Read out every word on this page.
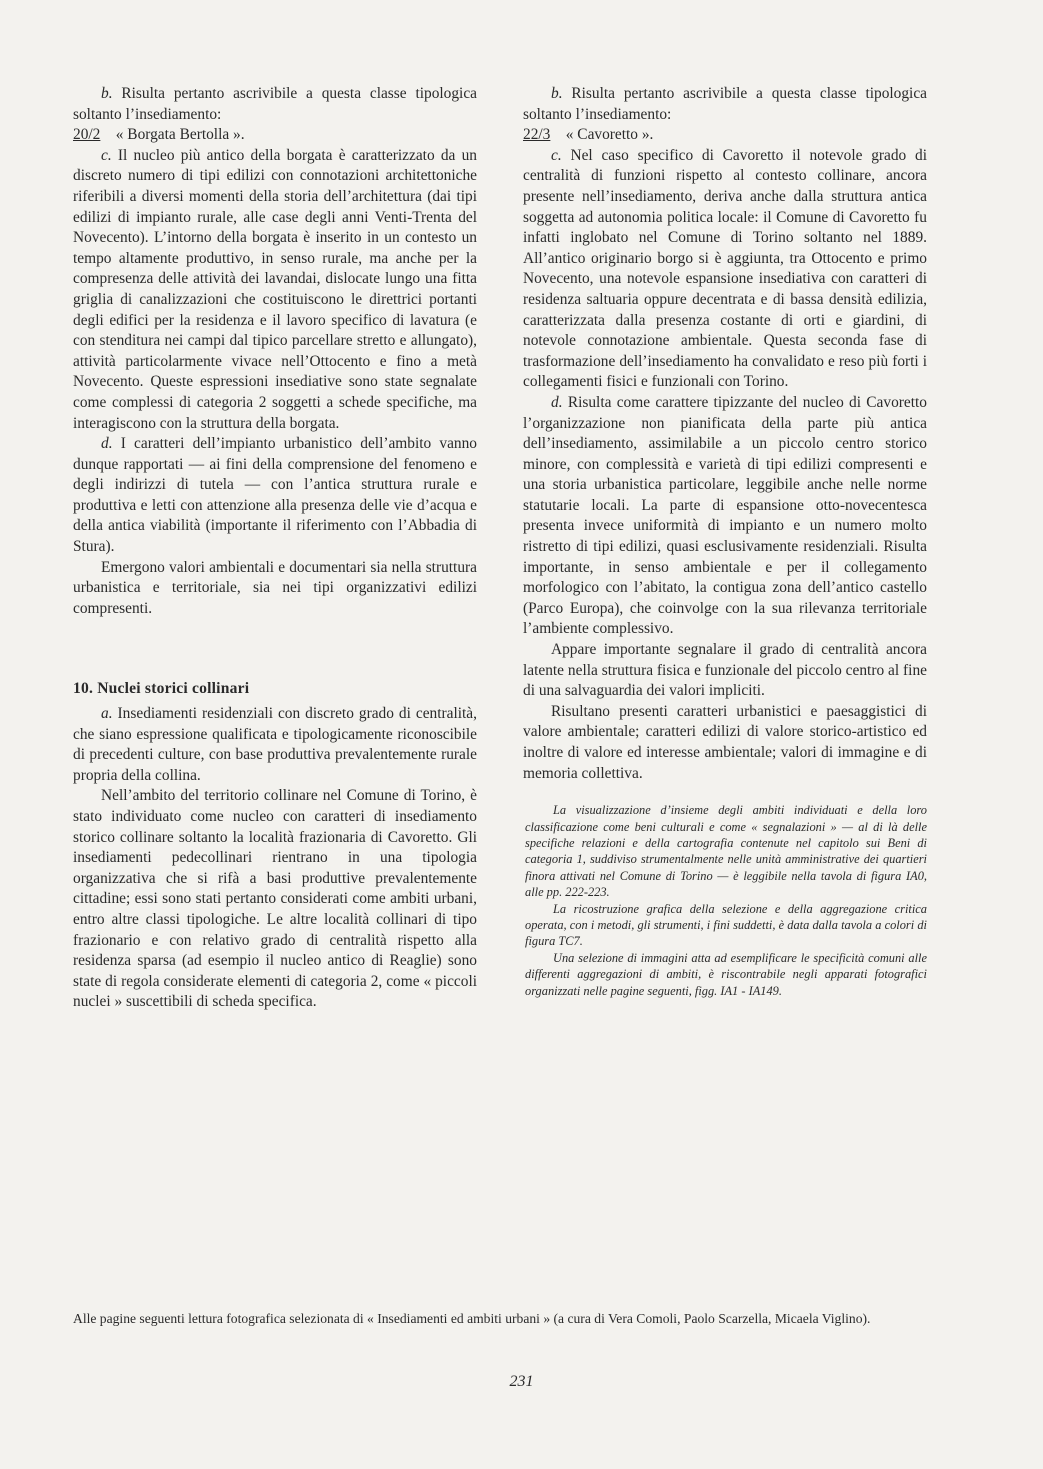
b. Risulta pertanto ascrivibile a questa classe tipologica soltanto l’insediamento:

20/2 « Borgata Bertolla ».

c. Il nucleo più antico della borgata è caratterizzato da un discreto numero di tipi edilizi con connotazioni architettoniche riferibili a diversi momenti della storia dell’architettura (dai tipi edilizi di impianto rurale, alle case degli anni Venti-Trenta del Novecento). L’intorno della borgata è inserito in un contesto un tempo altamente produttivo, in senso rurale, ma anche per la compresenza delle attività dei lavandai, dislocate lungo una fitta griglia di canalizzazioni che costituiscono le direttrici portanti degli edifici per la residenza e il lavoro specifico di lavatura (e con stenditura nei campi dal tipico parcellare stretto e allungato), attività particolarmente vivace nell’Ottocento e fino a metà Novecento. Queste espressioni insediative sono state segnalate come complessi di categoria 2 soggetti a schede specifiche, ma interagiscono con la struttura della borgata.

d. I caratteri dell’impianto urbanistico dell’ambito vanno dunque rapportati — ai fini della comprensione del fenomeno e degli indirizzi di tutela — con l’antica struttura rurale e produttiva e letti con attenzione alla presenza delle vie d’acqua e della antica viabilità (importante il riferimento con l’Abbadia di Stura).

Emergono valori ambientali e documentari sia nella struttura urbanistica e territoriale, sia nei tipi organizzativi edilizi compresenti.

10. Nuclei storici collinari

a. Insediamenti residenziali con discreto grado di centralità, che siano espressione qualificata e tipologicamente riconoscibile di precedenti culture, con base produttiva prevalentemente rurale propria della collina.

Nell’ambito del territorio collinare nel Comune di Torino, è stato individuato come nucleo con caratteri di insediamento storico collinare soltanto la località frazionaria di Cavoretto. Gli insediamenti pedecollinari rientrano in una tipologia organizzativa che si rifà a basi produttive prevalentemente cittadine; essi sono stati pertanto considerati come ambiti urbani, entro altre classi tipologiche. Le altre località collinari di tipo frazionario e con relativo grado di centralità rispetto alla residenza sparsa (ad esempio il nucleo antico di Reaglie) sono state di regola considerate elementi di categoria 2, come « piccoli nuclei » suscettibili di scheda specifica.

b. Risulta pertanto ascrivibile a questa classe tipologica soltanto l’insediamento:

22/3 « Cavoretto ».

c. Nel caso specifico di Cavoretto il notevole grado di centralità di funzioni rispetto al contesto collinare, ancora presente nell’insediamento, deriva anche dalla struttura antica soggetta ad autonomia politica locale: il Comune di Cavoretto fu infatti inglobato nel Comune di Torino soltanto nel 1889. All’antico originario borgo si è aggiunta, tra Ottocento e primo Novecento, una notevole espansione insediativa con caratteri di residenza saltuaria oppure decentrata e di bassa densità edilizia, caratterizzata dalla presenza costante di orti e giardini, di notevole connotazione ambientale. Questa seconda fase di trasformazione dell’insediamento ha convalidato e reso più forti i collegamenti fisici e funzionali con Torino.

d. Risulta come carattere tipizzante del nucleo di Cavoretto l’organizzazione non pianificata della parte più antica dell’insediamento, assimilabile a un piccolo centro storico minore, con complessità e varietà di tipi edilizi compresenti e una storia urbanistica particolare, leggibile anche nelle norme statutarie locali. La parte di espansione otto-novecentesca presenta invece uniformità di impianto e un numero molto ristretto di tipi edilizi, quasi esclusivamente residenziali. Risulta importante, in senso ambientale e per il collegamento morfologico con l’abitato, la contigua zona dell’antico castello (Parco Europa), che coinvolge con la sua rilevanza territoriale l’ambiente complessivo.

Appare importante segnalare il grado di centralità ancora latente nella struttura fisica e funzionale del piccolo centro al fine di una salvaguardia dei valori impliciti.

Risultano presenti caratteri urbanistici e paesaggistici di valore ambientale; caratteri edilizi di valore storico-artistico ed inoltre di valore ed interesse ambientale; valori di immagine e di memoria collettiva.

La visualizzazione d’insieme degli ambiti individuati e della loro classificazione come beni culturali e come « segnalazioni » — al di là delle specifiche relazioni e della cartografia contenute nel capitolo sui Beni di categoria 1, suddiviso strumentalmente nelle unità amministrative dei quartieri finora attivati nel Comune di Torino — è leggibile nella tavola di figura IA0, alle pp. 222-223.

La ricostruzione grafica della selezione e della aggregazione critica operata, con i metodi, gli strumenti, i fini suddetti, è data dalla tavola a colori di figura TC7.

Una selezione di immagini atta ad esemplificare le specificità comuni alle differenti aggregazioni di ambiti, è riscontrabile negli apparati fotografici organizzati nelle pagine seguenti, figg. IA1 - IA149.

Alle pagine seguenti lettura fotografica selezionata di « Insediamenti ed ambiti urbani » (a cura di Vera Comoli, Paolo Scarzella, Micaela Viglino).
231
